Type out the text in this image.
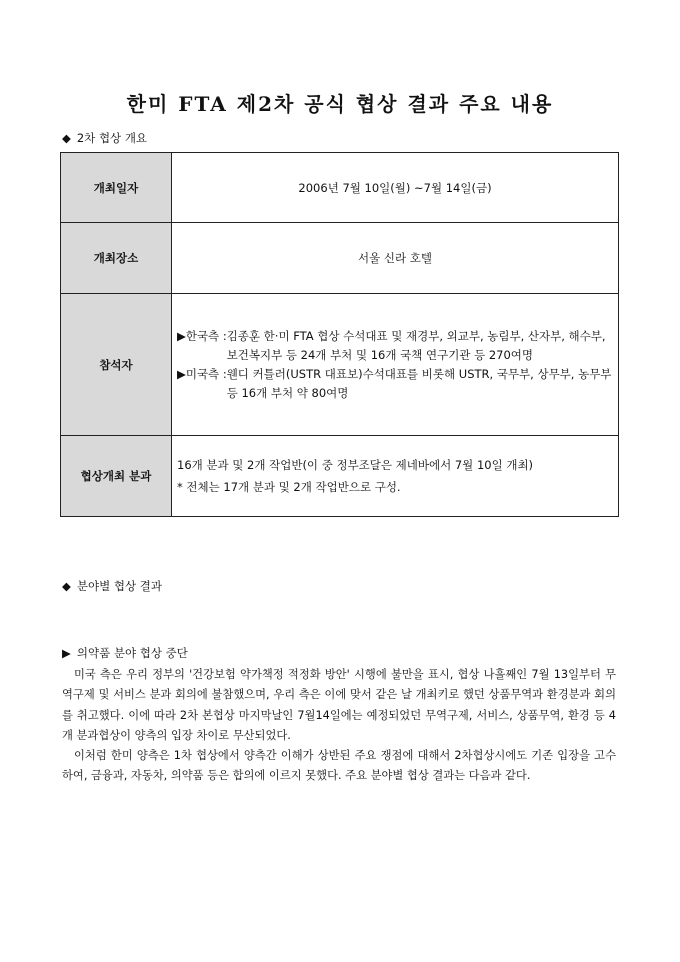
한미 FTA 제2차 공식 협상 결과 주요 내용
◆ 2차 협상 개요
개최일자	2006년 7월 10일(월) ~7월 14일(금)
개최장소	서울 신라 호텔
참석자	▶한국측 : 김종훈 한·미 FTA 협상 수석대표 및 재경부, 외교부, 농림부, 산자부, 해수부, 보건복지부 등 24개 부처 및 16개 국책 연구기관 등 270여명
▶미국측 : 웬디 커틀러(USTR 대표보)수석대표를 비롯해 USTR, 국무부, 상무부, 농무부 등 16개 부처 약 80여명

협상개최 분과	16개 분과 및 2개 작업반(이 중 정부조달은 제네바에서 7월 10일 개최)
* 전체는 17개 분과 및 2개 작업반으로 구성.
◆ 분야별 협상 결과
▶ 의약품 분야 협상 중단

미국 측은 우리 정부의 '건강보험 약가책정 적정화 방안' 시행에 불만을 표시, 협상 나흘째인 7월 13일부터 무역구제 및 서비스 분과 회의에 불참했으며, 우리 측은 이에 맞서 같은 날 개최키로 했던 상품무역과 환경분과 회의를 취고했다. 이에 따라 2차 본협상 마지막날인 7월14일에는 예정되었던 무역구제, 서비스, 상품무역, 환경 등 4개 분과협상이 양측의 입장 차이로 무산되었다.

이처럼 한미 양측은 1차 협상에서 양측간 이해가 상반된 주요 쟁점에 대해서 2차협상시에도 기존 입장을 고수하여, 금융과, 자동차, 의약품 등은 합의에 이르지 못했다. 주요 분야별 협상 결과는 다음과 같다.
